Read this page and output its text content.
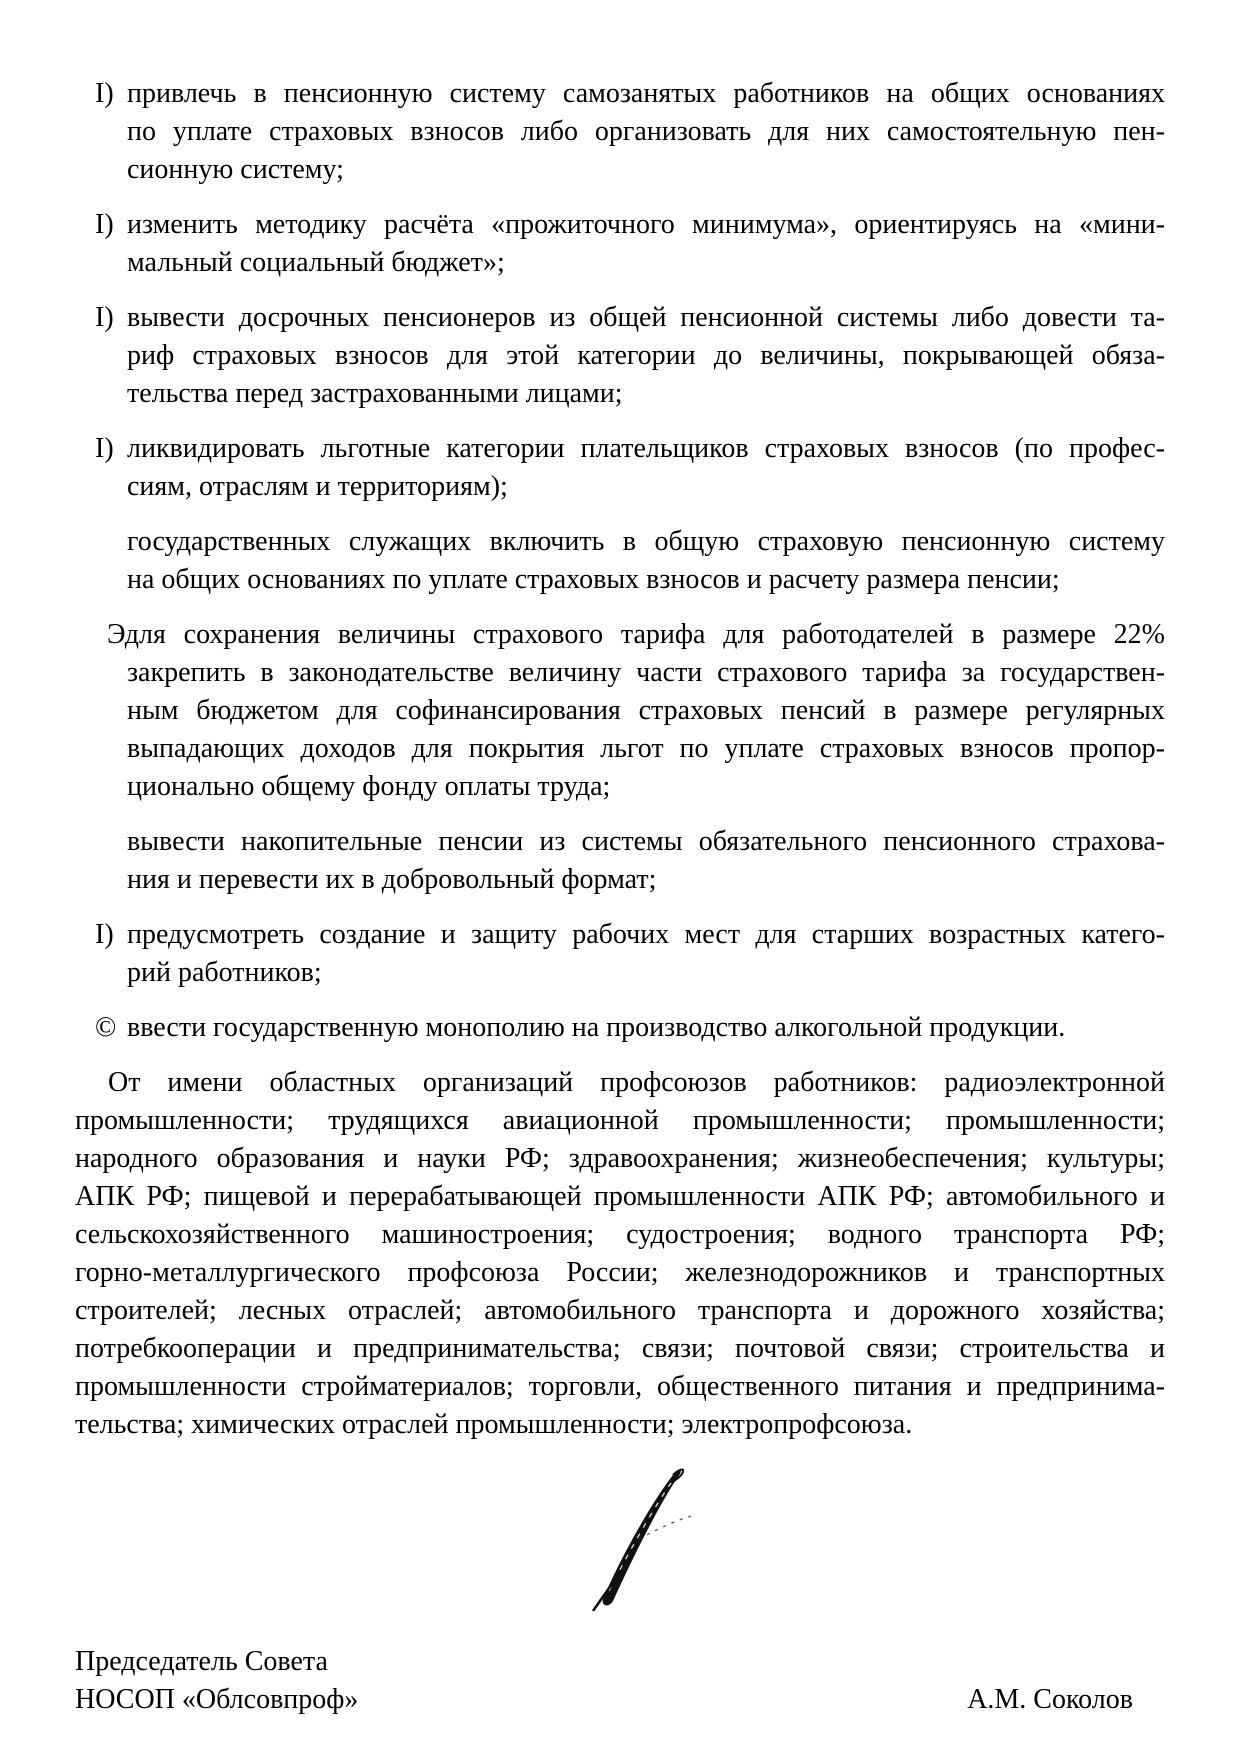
I) привлечь в пенсионную систему самозанятых работников на общих основаниях
по уплате страховых взносов либо организовать для них самостоятельную пен-
сионную систему;
I) изменить методику расчёта «прожиточного минимума», ориентируясь на «мини-
мальный социальный бюджет»;
I) вывести досрочных пенсионеров из общей пенсионной системы либо довести та-
риф страховых взносов для этой категории до величины, покрывающей обяза-
тельства перед застрахованными лицами;
I) ликвидировать льготные категории плательщиков страховых взносов (по профес-
сиям, отраслям и территориям);
государственных служащих включить в общую страховую пенсионную систему
на общих основаниях по уплате страховых взносов и расчету размера пенсии;
Эдля сохранения величины страхового тарифа для работодателей в размере 22%
закрепить в законодательстве величину части страхового тарифа за государствен-
ным бюджетом для софинансирования страховых пенсий в размере регулярных
выпадающих доходов для покрытия льгот по уплате страховых взносов пропор-
ционально общему фонду оплаты труда;
вывести накопительные пенсии из системы обязательного пенсионного страхова-
ния и перевести их в добровольный формат;
I) предусмотреть создание и защиту рабочих мест для старших возрастных катего-
рий работников;
© ввести государственную монополию на производство алкогольной продукции.
От имени областных организаций профсоюзов работников: радиоэлектронной
промышленности; трудящихся авиационной промышленности; промышленности;
народного образования и науки РФ; здравоохранения; жизнеобеспечения; культуры;
АПК РФ; пищевой и перерабатывающей промышленности АПК РФ; автомобильного и
сельскохозяйственного машиностроения; судостроения; водного транспорта РФ;
горно-металлургического профсоюза России; железнодорожников и транспортных
строителей; лесных отраслей; автомобильного транспорта и дорожного хозяйства;
потребкооперации и предпринимательства; связи; почтовой связи; строительства и
промышленности стройматериалов; торговли, общественного питания и предпринима-
тельства; химических отраслей промышленности; электропрофсоюза.
Председатель Совета
НОСОП «Облсовпроф»	А.М. Соколов
